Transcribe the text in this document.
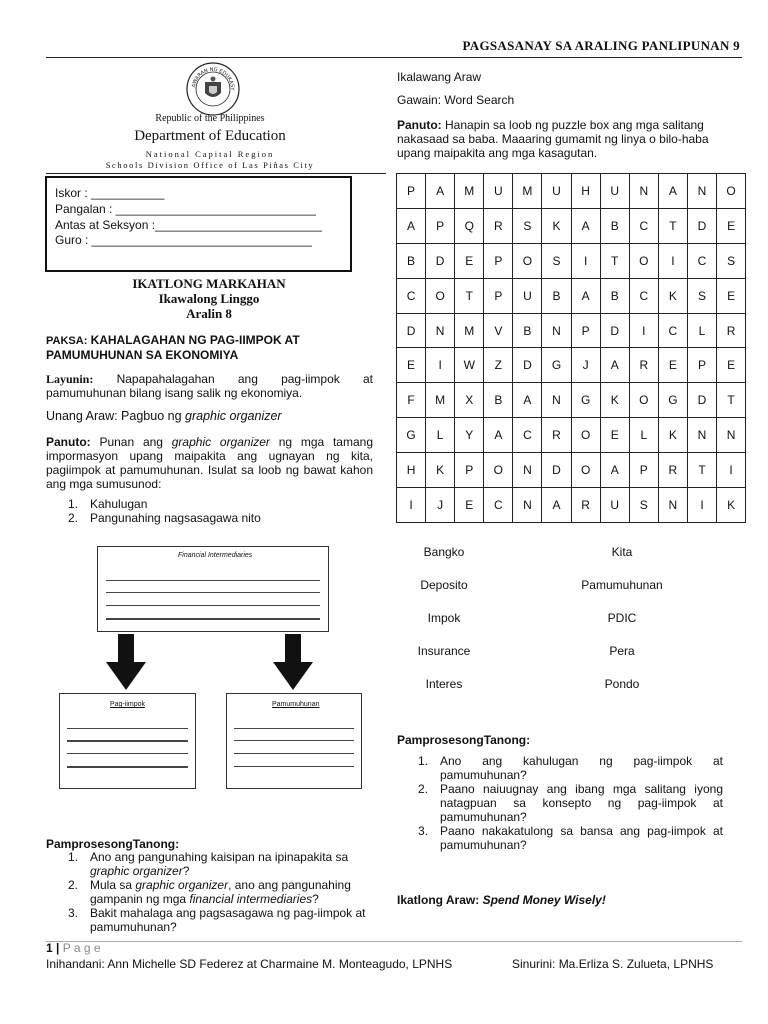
PAGSASANAY SA ARALING PANLIPUNAN 9
AWARAN NG EDUKASY
Republic of the Philippines
Department of Education
National Capital Region
Schools Division Office of Las Piñas City
Iskor : ___________
Pangalan : ______________________________
Antas at Seksyon :_________________________
Guro : _________________________________
IKATLONG MARKAHAN
Ikawalong Linggo
Aralin 8
PAKSA: KAHALAGAHAN NG PAG-IIMPOK AT PAMUMUHUNAN SA EKONOMIYA
Layunin: Napapahalagahan ang pag-iimpok at pamumuhunan bilang isang salik ng ekonomiya.
Unang Araw: Pagbuo ng graphic organizer
Panuto: Punan ang graphic organizer ng mga tamang impormasyon upang maipakita ang ugnayan ng kita, pagiimpok at pamumuhunan. Isulat sa loob ng bawat kahon ang mga sumusunod:
1. Kahulugan
2. Pangunahing nagsasagawa nito
Financial Intermediaries
Pag-iimpok	Pamumuhunan
PamprosesongTanong:
1. Ano ang pangunahing kaisipan na ipinapakita sa graphic organizer?
2. Mula sa graphic organizer, ano ang pangunahing gampanin ng mga financial intermediaries?
3. Bakit mahalaga ang pagsasagawa ng pag-iimpok at pamumuhunan?
Ikalawang Araw
Gawain: Word Search
Panuto: Hanapin sa loob ng puzzle box ang mga salitang nakasaad sa baba. Maaaring gumamit ng linya o bilo-haba upang maipakita ang mga kasagutan.
P	A	M	U	M	U	H	U	N	A	N	O
A	P	Q	R	S	K	A	B	C	T	D	E
B	D	E	P	O	S	I	T	O	I	C	S
C	O	T	P	U	B	A	B	C	K	S	E
D	N	M	V	B	N	P	D	I	C	L	R
E	I	W	Z	D	G	J	A	R	E	P	E
F	M	X	B	A	N	G	K	O	G	D	T
G	L	Y	A	C	R	O	E	L	K	N	N
H	K	P	O	N	D	O	A	P	R	T	I
I	J	E	C	N	A	R	U	S	N	I	K
Bangko	Kita
Deposito	Pamumuhunan
Impok	PDIC
Insurance	Pera
Interes	Pondo
PamprosesongTanong:
1. Ano ang kahulugan ng pag-iimpok at pamumuhunan?
2. Paano naiuugnay ang ibang mga salitang iyong natagpuan sa konsepto ng pag-iimpok at pamumuhunan?
3. Paano nakakatulong sa bansa ang pag-iimpok at pamumuhunan?
Ikatlong Araw: Spend Money Wisely!
1 | P a g e
Inihandani: Ann Michelle SD Federez at Charmaine M. Monteagudo, LPNHS	Sinurini: Ma.Erliza S. Zulueta, LPNHS
